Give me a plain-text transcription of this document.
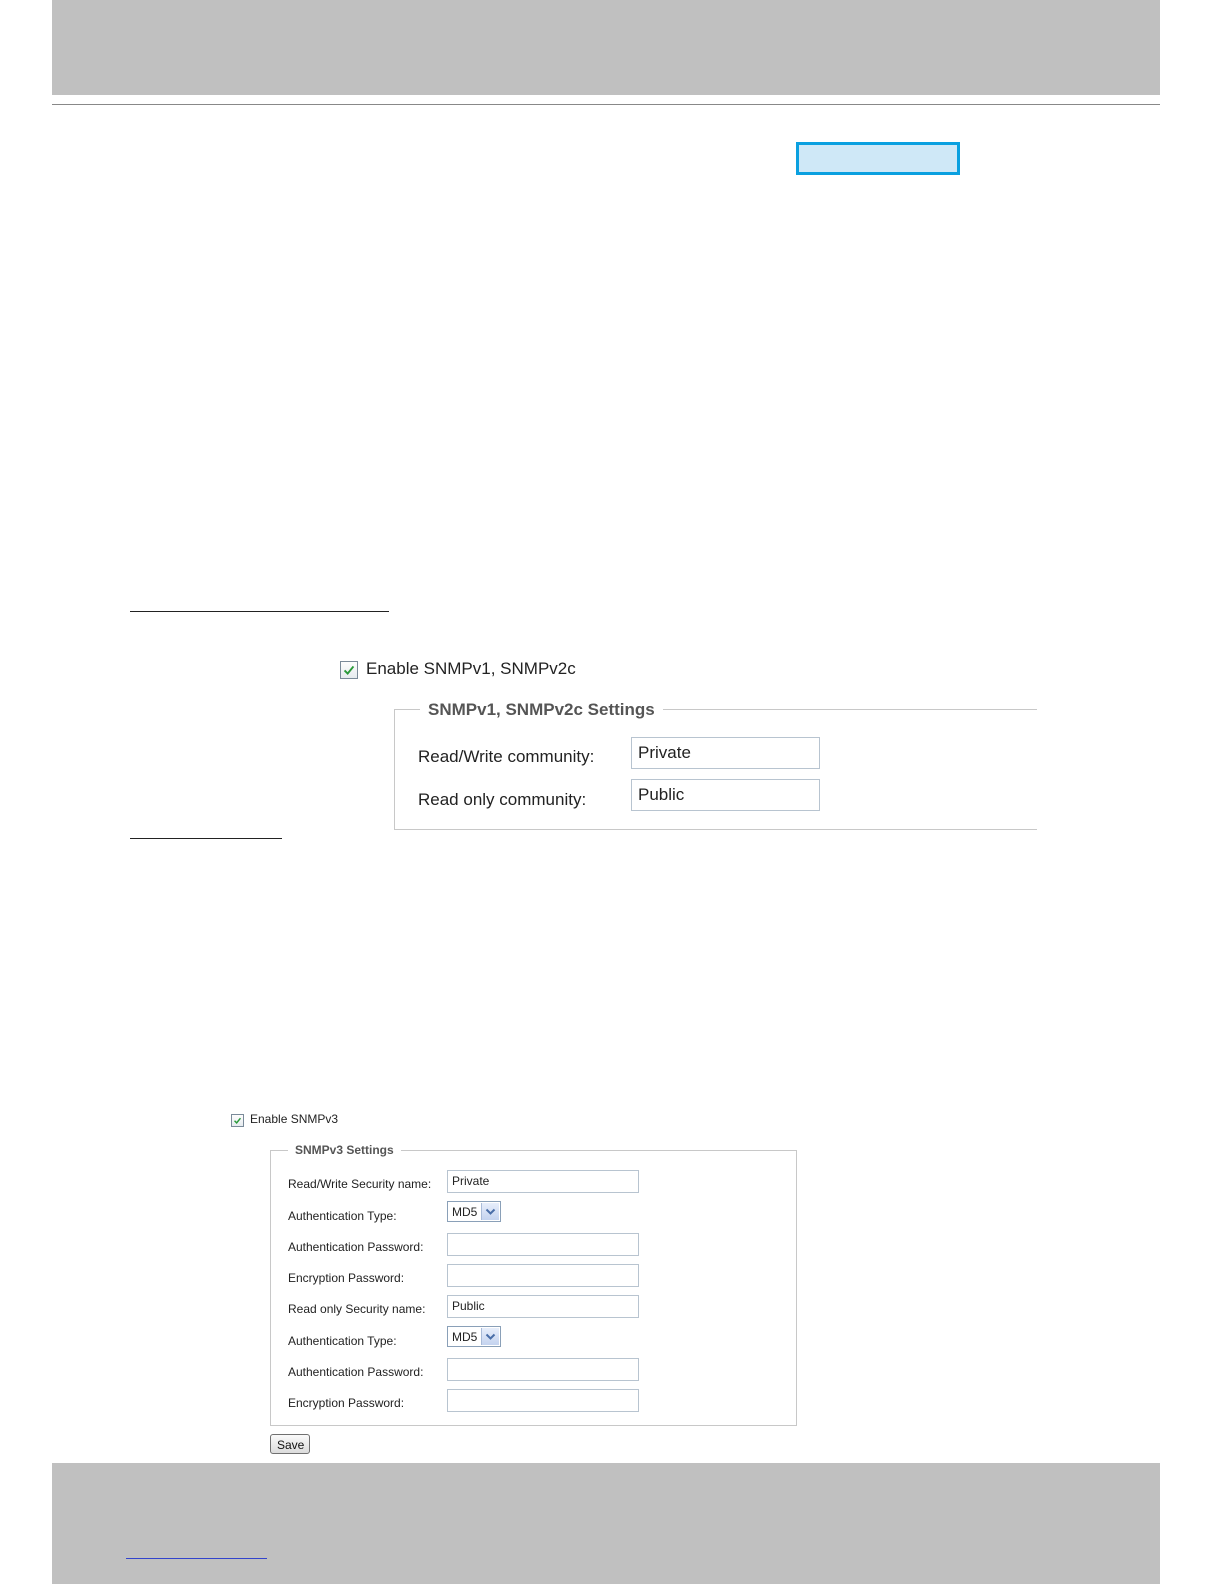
Enable SNMPv1, SNMPv2c
SNMPv1, SNMPv2c Settings
Read/Write community:	Private
Read only community:	Public
Enable SNMPv3
SNMPv3 Settings
Read/Write Security name:	Private
Authentication Type:	MD5
Authentication Password:
Encryption Password:
Read only Security name:	Public
Authentication Type:	MD5
Authentication Password:
Encryption Password:
Save
